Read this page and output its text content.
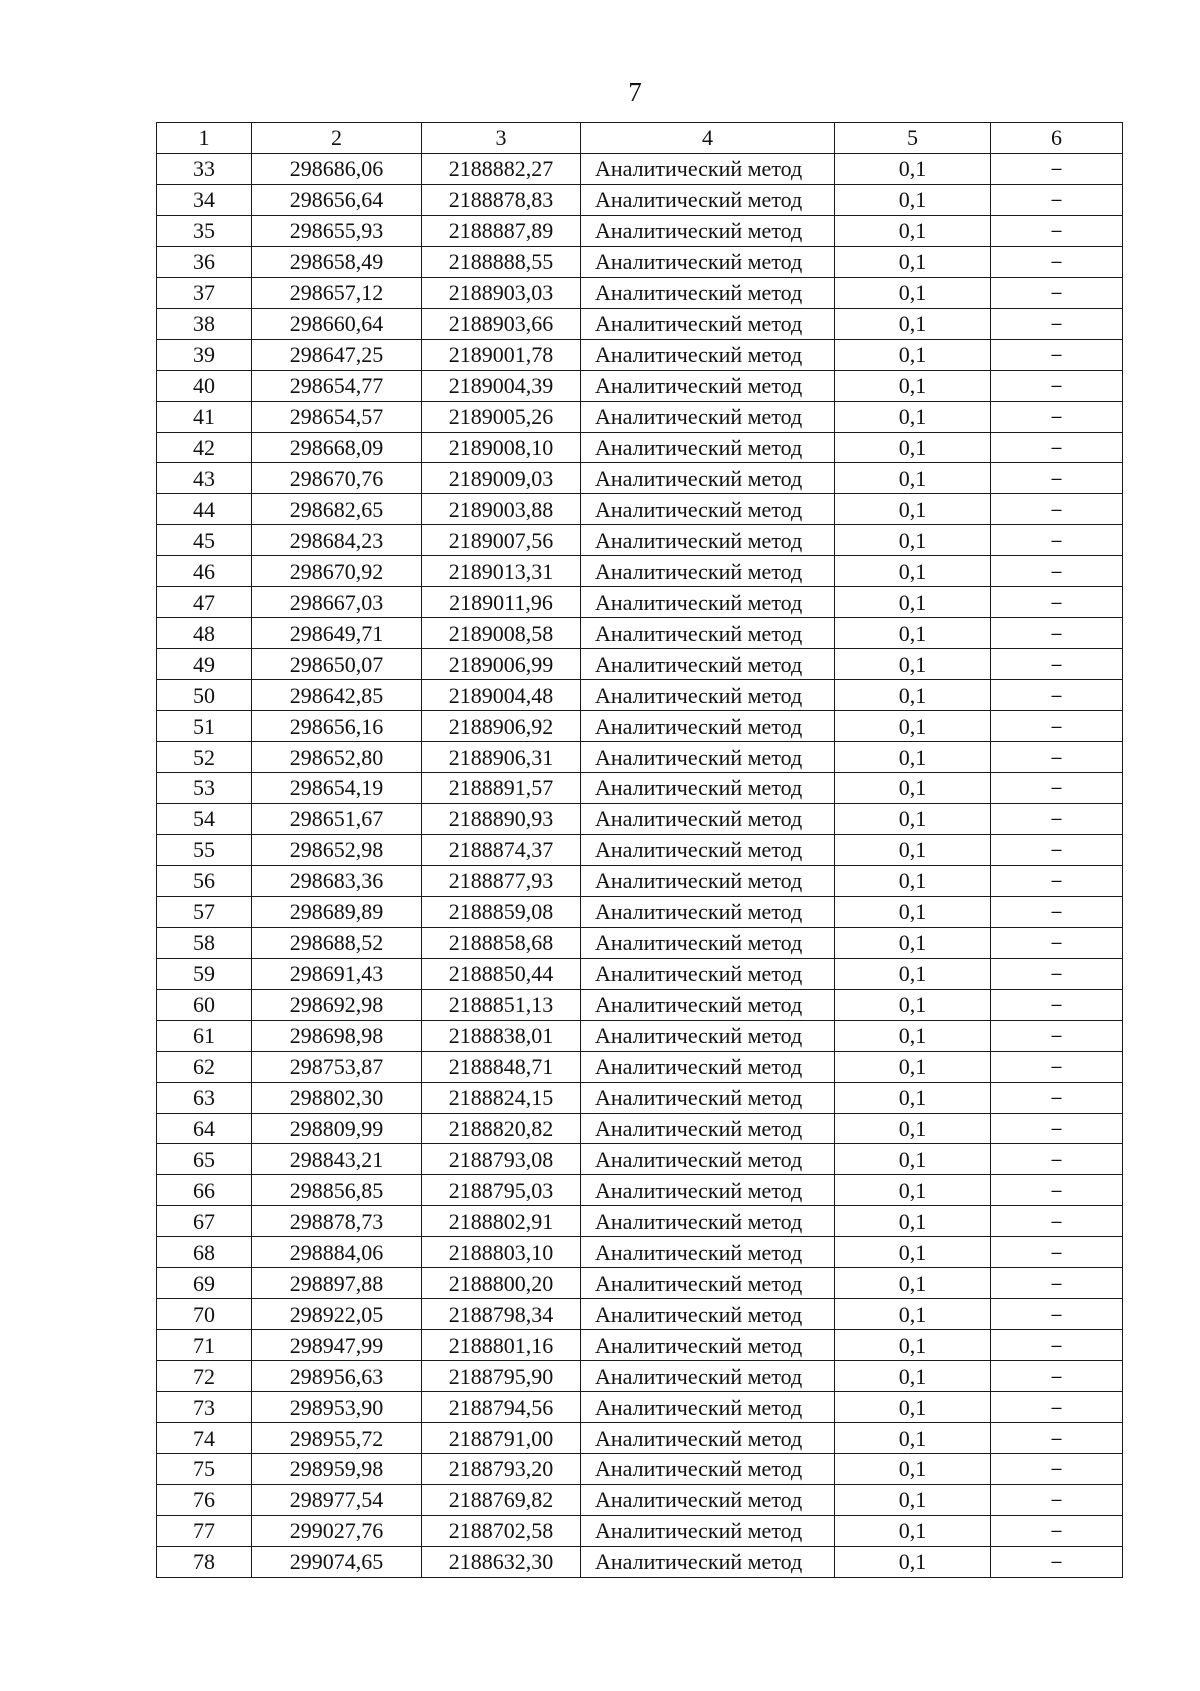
7
1	2	3	4	5	6
33	298686,06	2188882,27	Аналитический метод	0,1	–
34	298656,64	2188878,83	Аналитический метод	0,1	–
35	298655,93	2188887,89	Аналитический метод	0,1	–
36	298658,49	2188888,55	Аналитический метод	0,1	–
37	298657,12	2188903,03	Аналитический метод	0,1	–
38	298660,64	2188903,66	Аналитический метод	0,1	–
39	298647,25	2189001,78	Аналитический метод	0,1	–
40	298654,77	2189004,39	Аналитический метод	0,1	–
41	298654,57	2189005,26	Аналитический метод	0,1	–
42	298668,09	2189008,10	Аналитический метод	0,1	–
43	298670,76	2189009,03	Аналитический метод	0,1	–
44	298682,65	2189003,88	Аналитический метод	0,1	–
45	298684,23	2189007,56	Аналитический метод	0,1	–
46	298670,92	2189013,31	Аналитический метод	0,1	–
47	298667,03	2189011,96	Аналитический метод	0,1	–
48	298649,71	2189008,58	Аналитический метод	0,1	–
49	298650,07	2189006,99	Аналитический метод	0,1	–
50	298642,85	2189004,48	Аналитический метод	0,1	–
51	298656,16	2188906,92	Аналитический метод	0,1	–
52	298652,80	2188906,31	Аналитический метод	0,1	–
53	298654,19	2188891,57	Аналитический метод	0,1	–
54	298651,67	2188890,93	Аналитический метод	0,1	–
55	298652,98	2188874,37	Аналитический метод	0,1	–
56	298683,36	2188877,93	Аналитический метод	0,1	–
57	298689,89	2188859,08	Аналитический метод	0,1	–
58	298688,52	2188858,68	Аналитический метод	0,1	–
59	298691,43	2188850,44	Аналитический метод	0,1	–
60	298692,98	2188851,13	Аналитический метод	0,1	–
61	298698,98	2188838,01	Аналитический метод	0,1	–
62	298753,87	2188848,71	Аналитический метод	0,1	–
63	298802,30	2188824,15	Аналитический метод	0,1	–
64	298809,99	2188820,82	Аналитический метод	0,1	–
65	298843,21	2188793,08	Аналитический метод	0,1	–
66	298856,85	2188795,03	Аналитический метод	0,1	–
67	298878,73	2188802,91	Аналитический метод	0,1	–
68	298884,06	2188803,10	Аналитический метод	0,1	–
69	298897,88	2188800,20	Аналитический метод	0,1	–
70	298922,05	2188798,34	Аналитический метод	0,1	–
71	298947,99	2188801,16	Аналитический метод	0,1	–
72	298956,63	2188795,90	Аналитический метод	0,1	–
73	298953,90	2188794,56	Аналитический метод	0,1	–
74	298955,72	2188791,00	Аналитический метод	0,1	–
75	298959,98	2188793,20	Аналитический метод	0,1	–
76	298977,54	2188769,82	Аналитический метод	0,1	–
77	299027,76	2188702,58	Аналитический метод	0,1	–
78	299074,65	2188632,30	Аналитический метод	0,1	–
